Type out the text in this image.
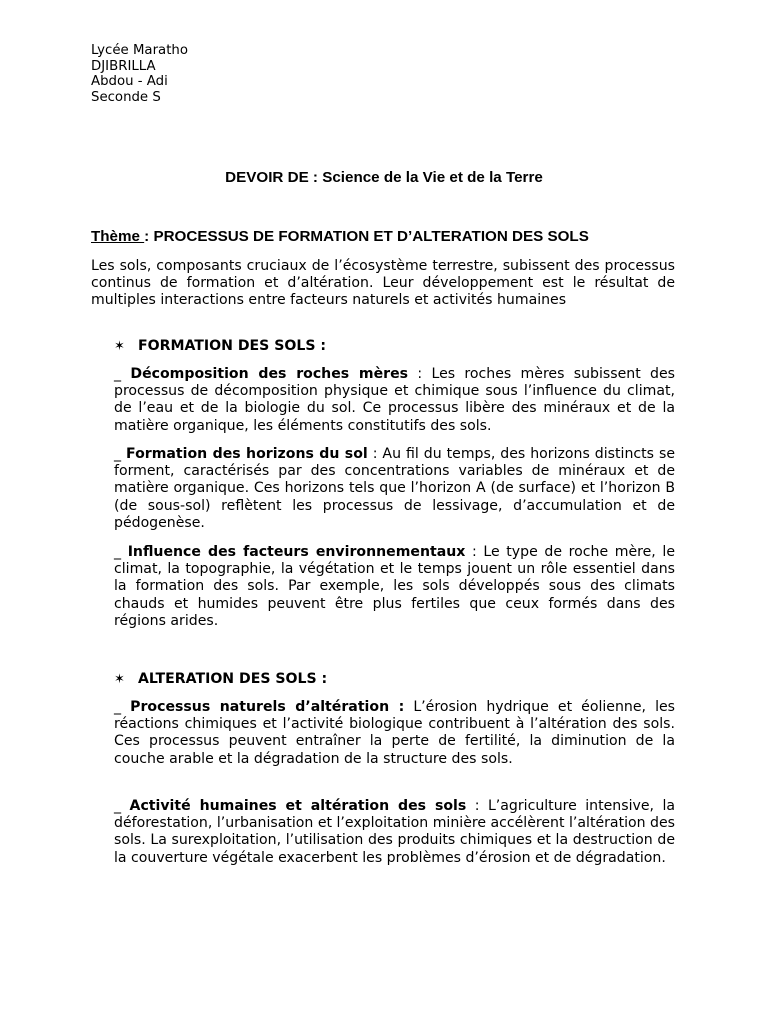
Lycée Maratho
DJIBRILLA
Abdou - Adi
Seconde S
DEVOIR DE : Science de la Vie et de la Terre
Thème : PROCESSUS DE FORMATION ET D’ALTERATION DES SOLS
Les sols, composants cruciaux de l’écosystème terrestre, subissent des processus continus de formation et d’altération. Leur développement est le résultat de multiples interactions entre facteurs naturels et activités humaines
✶ FORMATION DES SOLS :
_ Décomposition des roches mères : Les roches mères subissent des processus de décomposition physique et chimique sous l’influence du climat, de l’eau et de la biologie du sol. Ce processus libère des minéraux et de la matière organique, les éléments constitutifs des sols.
_ Formation des horizons du sol : Au fil du temps, des horizons distincts se forment, caractérisés par des concentrations variables de minéraux et de matière organique. Ces horizons tels que l’horizon A (de surface) et l’horizon B (de sous-sol) reflètent les processus de lessivage, d’accumulation et de pédogenèse.
_ Influence des facteurs environnementaux : Le type de roche mère, le climat, la topographie, la végétation et le temps jouent un rôle essentiel dans la formation des sols. Par exemple, les sols développés sous des climats chauds et humides peuvent être plus fertiles que ceux formés dans des régions arides.
✶ ALTERATION DES SOLS :
_ Processus naturels d’altération : L’érosion hydrique et éolienne, les réactions chimiques et l’activité biologique contribuent à l’altération des sols. Ces processus peuvent entraîner la perte de fertilité, la diminution de la couche arable et la dégradation de la structure des sols.
_ Activité humaines et altération des sols : L’agriculture intensive, la déforestation, l’urbanisation et l’exploitation minière accélèrent l’altération des sols. La surexploitation, l’utilisation des produits chimiques et la destruction de la couverture végétale exacerbent les problèmes d’érosion et de dégradation.
